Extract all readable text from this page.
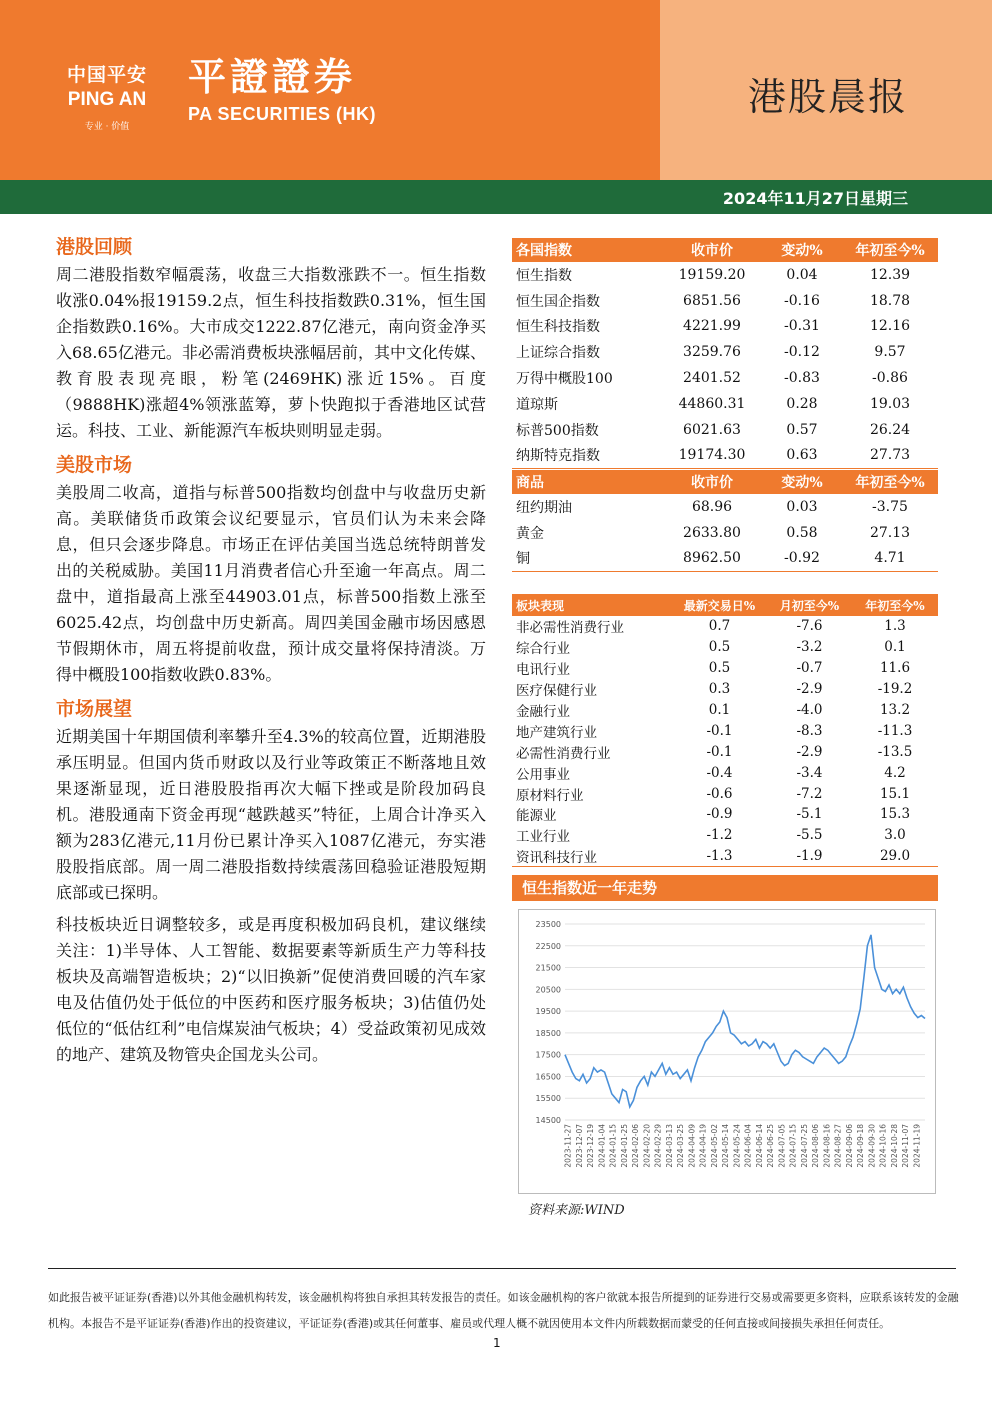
中国平安
PING AN
专业 · 价值
平證證券
PA SECURITIES (HK)	港股晨报
2024年11月27日星期三
港股回顾

周二港股指数窄幅震荡，收盘三大指数涨跌不一。恒生指数收涨0.04%报19159.2点，恒生科技指数跌0.31%，恒生国企指数跌0.16%。大市成交1222.87亿港元，南向资金净买入68.65亿港元。非必需消费板块涨幅居前，其中文化传媒、教育股表现亮眼，粉笔(2469HK)涨近15%。百度（9888HK)涨超4%领涨蓝筹，萝卜快跑拟于香港地区试营运。科技、工业、新能源汽车板块则明显走弱。

美股市场

美股周二收高，道指与标普500指数均创盘中与收盘历史新高。美联储货币政策会议纪要显示，官员们认为未来会降息，但只会逐步降息。市场正在评估美国当选总统特朗普发出的关税威胁。美国11月消费者信心升至逾一年高点。周二盘中，道指最高上涨至44903.01点，标普500指数上涨至6025.42点，均创盘中历史新高。周四美国金融市场因感恩节假期休市，周五将提前收盘，预计成交量将保持清淡。万得中概股100指数收跌0.83%。

市场展望

近期美国十年期国债利率攀升至4.3%的较高位置，近期港股承压明显。但国内货币财政以及行业等政策正不断落地且效果逐渐显现，近日港股股指再次大幅下挫或是阶段加码良机。港股通南下资金再现“越跌越买”特征，上周合计净买入额为283亿港元,11月份已累计净买入1087亿港元，夯实港股股指底部。周一周二港股指数持续震荡回稳验证港股短期底部或已探明。

科技板块近日调整较多，或是再度积极加码良机，建议继续关注：1)半导体、人工智能、数据要素等新质生产力等科技板块及高端智造板块；2)“以旧换新”促使消费回暖的汽车家电及估值仍处于低位的中医药和医疗服务板块；3)估值仍处低位的“低估红利”电信煤炭油气板块；4）受益政策初见成效的地产、建筑及物管央企国龙头公司。

各国指数	收市价	变动%	年初至今%
恒生指数	19159.20	0.04	12.39
恒生国企指数	6851.56	-0.16	18.78
恒生科技指数	4221.99	-0.31	12.16
上证综合指数	3259.76	-0.12	9.57
万得中概股100	2401.52	-0.83	-0.86
道琼斯	44860.31	0.28	19.03
标普500指数	6021.63	0.57	26.24
纳斯特克指数	19174.30	0.63	27.73
商品	收市价	变动%	年初至今%
纽约期油	68.96	0.03	-3.75
黄金	2633.80	0.58	27.13
铜	8962.50	-0.92	4.71
板块表现	最新交易日%	月初至今%	年初至今%
非必需性消费行业	0.7	-7.6	1.3
综合行业	0.5	-3.2	0.1
电讯行业	0.5	-0.7	11.6
医疗保健行业	0.3	-2.9	-19.2
金融行业	0.1	-4.0	13.2
地产建筑行业	-0.1	-8.3	-11.3
必需性消费行业	-0.1	-2.9	-13.5
公用事业	-0.4	-3.4	4.2
原材料行业	-0.6	-7.2	15.1
能源业	-0.9	-5.1	15.3
工业行业	-1.2	-5.5	3.0
资讯科技行业	-1.3	-1.9	29.0
恒生指数近一年走势
14500
15500
16500
17500
18500
19500
20500
21500
22500
23500
2023-11-27 2023-12-07 2023-12-19 2024-01-04 2024-01-15 2024-01-25 2024-02-06 2024-02-20 2024-02-29 2024-03-13 2024-03-25 2024-04-09 2024-04-19 2024-05-02 2024-05-14 2024-05-24 2024-06-04 2024-06-14 2024-06-25 2024-07-05 2024-07-15 2024-07-25 2024-08-06 2024-08-16 2024-08-27 2024-09-06 2024-09-18 2024-09-30 2024-10-16 2024-10-28 2024-11-07 2024-11-19
资料来源:WIND
如此报告被平证证券(香港)以外其他金融机构转发，该金融机构将独自承担其转发报告的责任。如该金融机构的客户欲就本报告所提到的证券进行交易或需要更多资料，应联系该转发的金融机构。本报告不是平证证券(香港)作出的投资建议，平证证券(香港)或其任何董事、雇员或代理人概不就因使用本文件内所载数据而蒙受的任何直接或间接损失承担任何责任。
1
